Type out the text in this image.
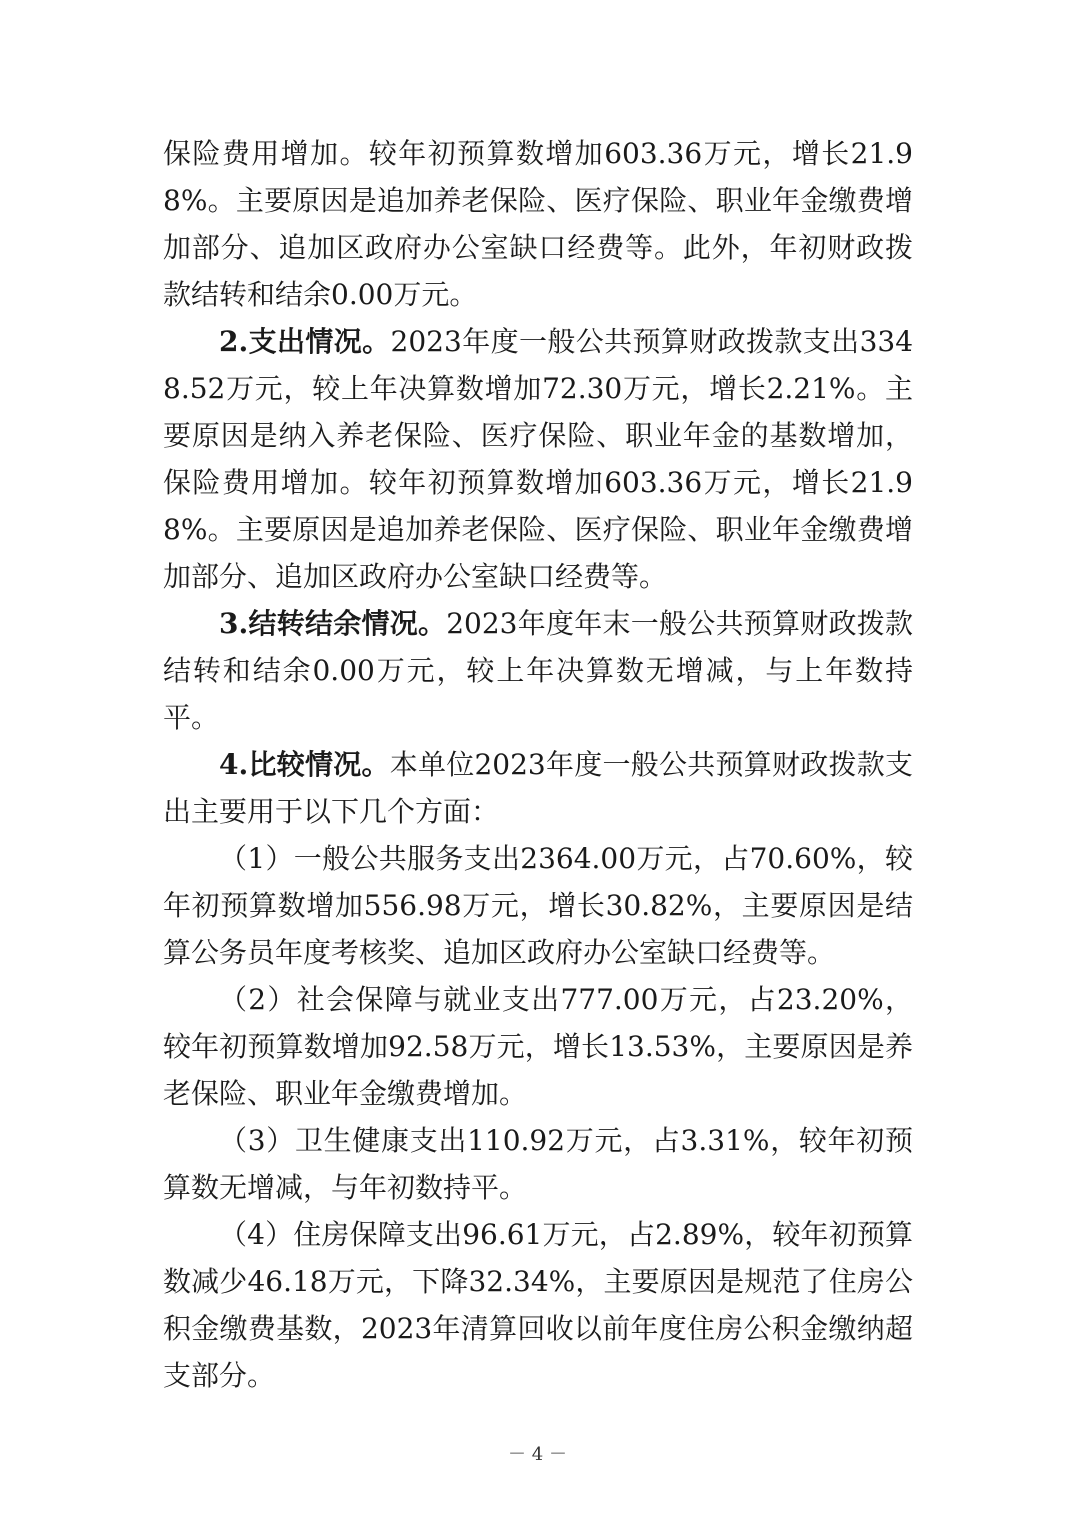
保险费用增加。较年初预算数增加603.36万元，增长21.98%。主要原因是追加养老保险、医疗保险、职业年金缴费增加部分、追加区政府办公室缺口经费等。此外，年初财政拨款结转和结余0.00万元。

2.支出情况。2023年度一般公共预算财政拨款支出3348.52万元，较上年决算数增加72.30万元，增长2.21%。主要原因是纳入养老保险、医疗保险、职业年金的基数增加，保险费用增加。较年初预算数增加603.36万元，增长21.98%。主要原因是追加养老保险、医疗保险、职业年金缴费增加部分、追加区政府办公室缺口经费等。

3.结转结余情况。2023年度年末一般公共预算财政拨款结转和结余0.00万元，较上年决算数无增减，与上年数持平。

4.比较情况。本单位2023年度一般公共预算财政拨款支出主要用于以下几个方面：

（1）一般公共服务支出2364.00万元，占70.60%，较年初预算数增加556.98万元，增长30.82%，主要原因是结算公务员年度考核奖、追加区政府办公室缺口经费等。

（2）社会保障与就业支出777.00万元，占23.20%，较年初预算数增加92.58万元，增长13.53%，主要原因是养老保险、职业年金缴费增加。

（3）卫生健康支出110.92万元，占3.31%，较年初预算数无增减，与年初数持平。

（4）住房保障支出96.61万元，占2.89%，较年初预算数减少46.18万元，下降32.34%，主要原因是规范了住房公积金缴费基数，2023年清算回收以前年度住房公积金缴纳超支部分。

－ 4 －
